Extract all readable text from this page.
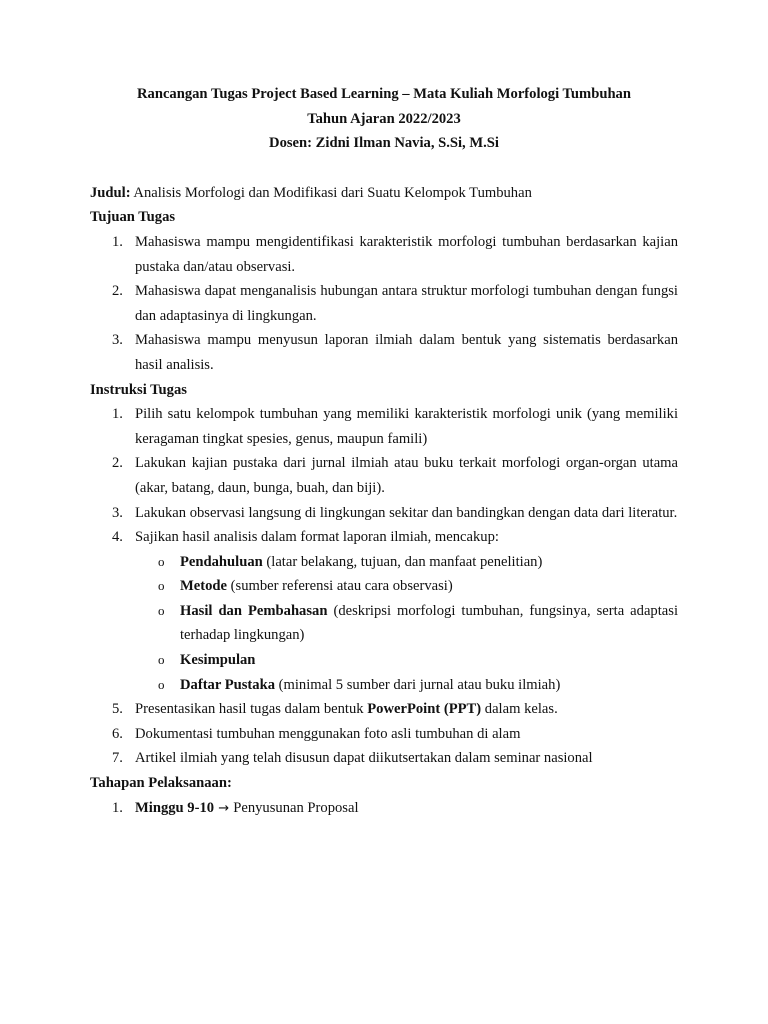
Rancangan Tugas Project Based Learning – Mata Kuliah Morfologi Tumbuhan
Tahun Ajaran 2022/2023
Dosen: Zidni Ilman Navia, S.Si, M.Si
Judul: Analisis Morfologi dan Modifikasi dari Suatu Kelompok Tumbuhan
Tujuan Tugas
1. Mahasiswa mampu mengidentifikasi karakteristik morfologi tumbuhan berdasarkan kajian pustaka dan/atau observasi.
2. Mahasiswa dapat menganalisis hubungan antara struktur morfologi tumbuhan dengan fungsi dan adaptasinya di lingkungan.
3. Mahasiswa mampu menyusun laporan ilmiah dalam bentuk yang sistematis berdasarkan hasil analisis.
Instruksi Tugas
1. Pilih satu kelompok tumbuhan yang memiliki karakteristik morfologi unik (yang memiliki keragaman tingkat spesies, genus, maupun famili)
2. Lakukan kajian pustaka dari jurnal ilmiah atau buku terkait morfologi organ-organ utama (akar, batang, daun, bunga, buah, dan biji).
3. Lakukan observasi langsung di lingkungan sekitar dan bandingkan dengan data dari literatur.
4. Sajikan hasil analisis dalam format laporan ilmiah, mencakup:
o Pendahuluan (latar belakang, tujuan, dan manfaat penelitian)
o Metode (sumber referensi atau cara observasi)
o Hasil dan Pembahasan (deskripsi morfologi tumbuhan, fungsinya, serta adaptasi terhadap lingkungan)
o Kesimpulan
o Daftar Pustaka (minimal 5 sumber dari jurnal atau buku ilmiah)
5. Presentasikan hasil tugas dalam bentuk PowerPoint (PPT) dalam kelas.
6. Dokumentasi tumbuhan menggunakan foto asli tumbuhan di alam
7. Artikel ilmiah yang telah disusun dapat diikutsertakan dalam seminar nasional
Tahapan Pelaksanaan:
1. Minggu 9-10 → Penyusunan Proposal
